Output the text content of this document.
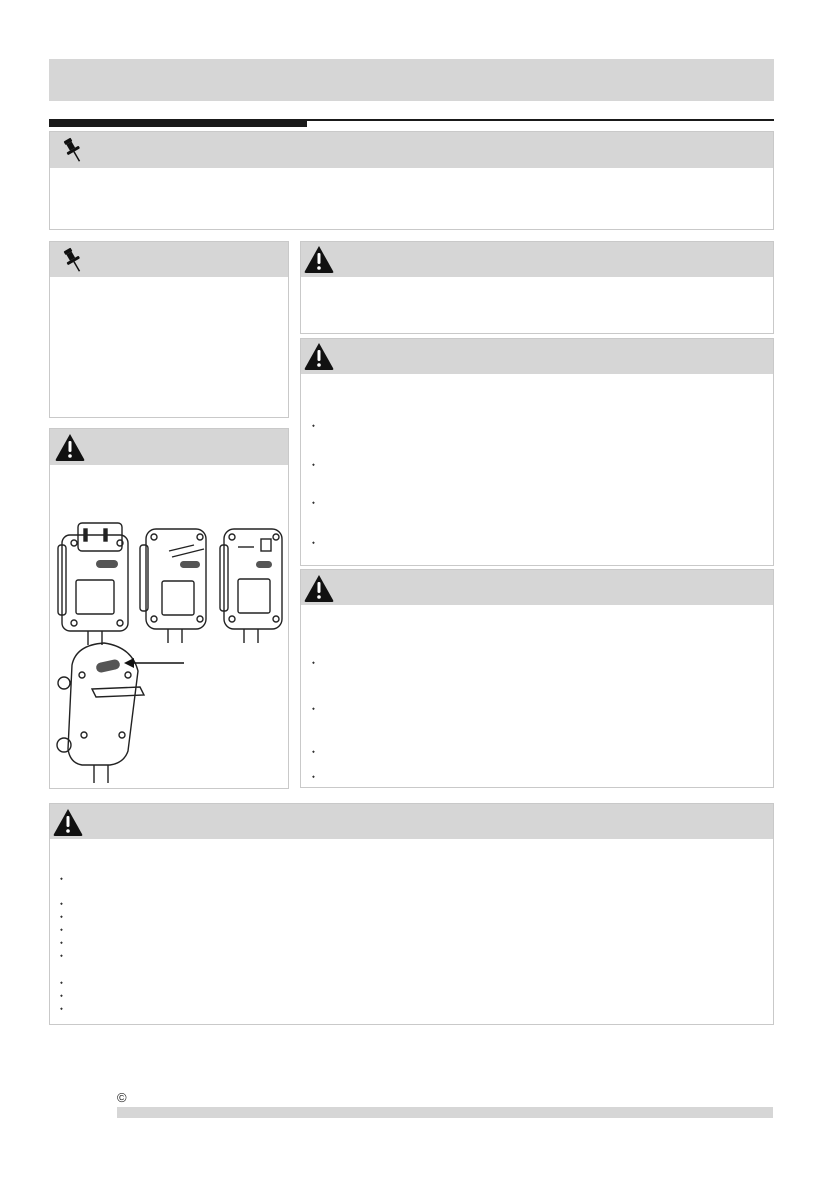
⬩
⬩
⬩
⬩
⬩
⬩
⬩
⬩
⬩
⬩
⬩
⬩
⬩
⬩
⬩
⬩
⬩
©
